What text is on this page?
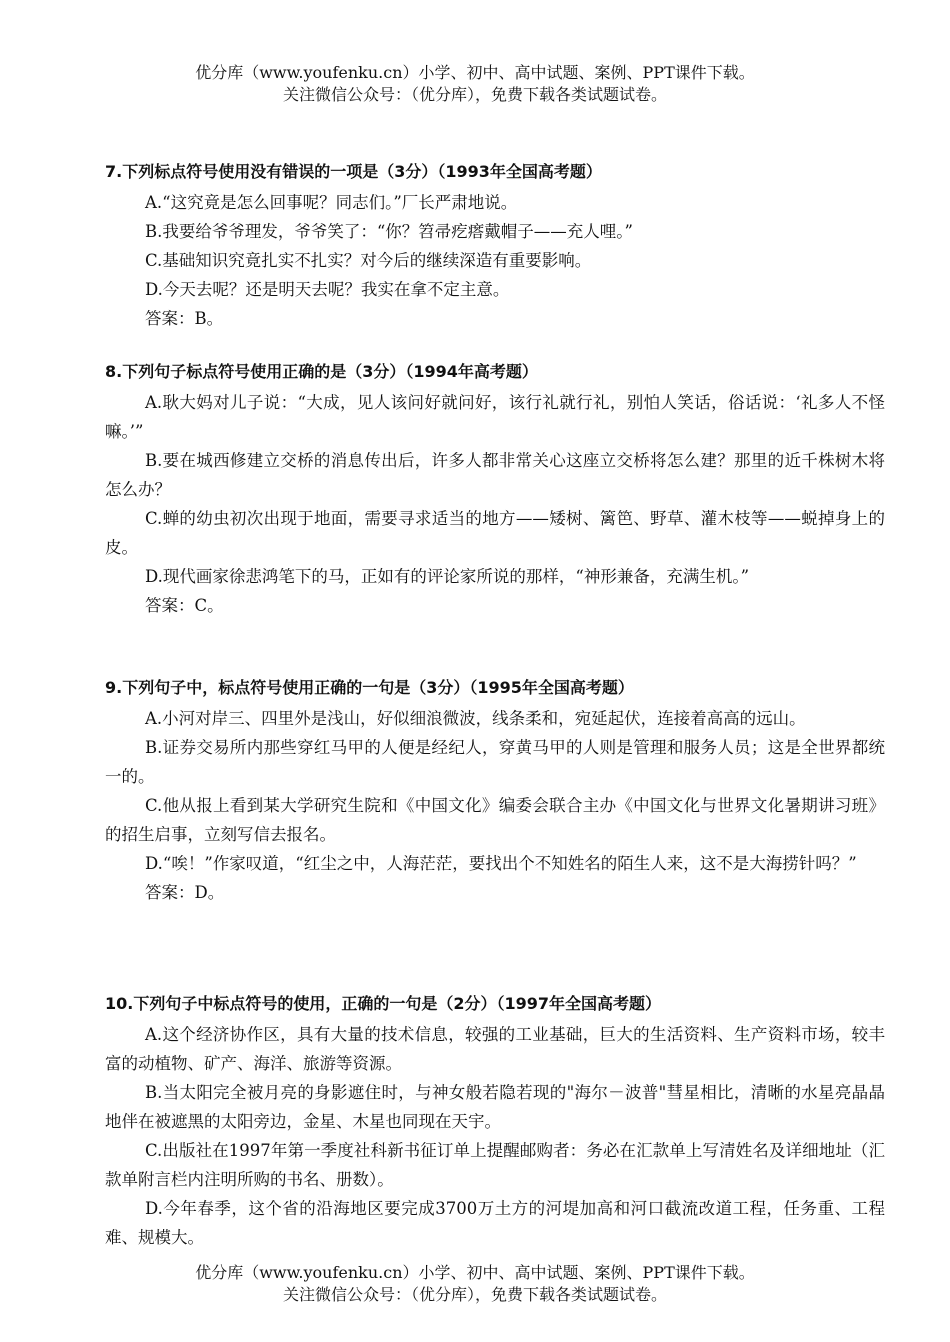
优分库（www.youfenku.cn）小学、初中、高中试题、案例、PPT课件下载。

关注微信公众号：（优分库），免费下载各类试题试卷。

7.下列标点符号使用没有错误的一项是（3分）（1993年全国高考题）

A.“这究竟是怎么回事呢？同志们。”厂长严肃地说。

B.我要给爷爷理发，爷爷笑了：“你？笤帚疙瘩戴帽子——充人哩。”

C.基础知识究竟扎实不扎实？对今后的继续深造有重要影响。

D.今天去呢？还是明天去呢？我实在拿不定主意。

答案：B。

8.下列句子标点符号使用正确的是（3分）（1994年高考题）

A.耿大妈对儿子说：“大成，见人该问好就问好，该行礼就行礼，别怕人笑话，俗话说：‘礼多人不怪嘛。’”

B.要在城西修建立交桥的消息传出后，许多人都非常关心这座立交桥将怎么建？那里的近千株树木将怎么办？

C.蝉的幼虫初次出现于地面，需要寻求适当的地方——矮树、篱笆、野草、灌木枝等——蜕掉身上的皮。

D.现代画家徐悲鸿笔下的马，正如有的评论家所说的那样，“神形兼备，充满生机。”

答案：C。

9.下列句子中，标点符号使用正确的一句是（3分）（1995年全国高考题）

A.小河对岸三、四里外是浅山，好似细浪微波，线条柔和，宛延起伏，连接着高高的远山。

B.证券交易所内那些穿红马甲的人便是经纪人，穿黄马甲的人则是管理和服务人员；这是全世界都统一的。

C.他从报上看到某大学研究生院和《中国文化》编委会联合主办《中国文化与世界文化暑期讲习班》的招生启事，立刻写信去报名。

D.“唉！”作家叹道，“红尘之中，人海茫茫，要找出个不知姓名的陌生人来，这不是大海捞针吗？”

答案：D。

10.下列句子中标点符号的使用，正确的一句是（2分）（1997年全国高考题）

A.这个经济协作区，具有大量的技术信息，较强的工业基础，巨大的生活资料、生产资料市场，较丰富的动植物、矿产、海洋、旅游等资源。

B.当太阳完全被月亮的身影遮住时，与神女般若隐若现的"海尔－波普"彗星相比，清晰的水星亮晶晶地伴在被遮黑的太阳旁边，金星、木星也同现在天宇。

C.出版社在1997年第一季度社科新书征订单上提醒邮购者：务必在汇款单上写清姓名及详细地址（汇款单附言栏内注明所购的书名、册数）。

D.今年春季，这个省的沿海地区要完成3700万土方的河堤加高和河口截流改道工程，任务重、工程难、规模大。

优分库（www.youfenku.cn）小学、初中、高中试题、案例、PPT课件下载。

关注微信公众号：（优分库），免费下载各类试题试卷。
